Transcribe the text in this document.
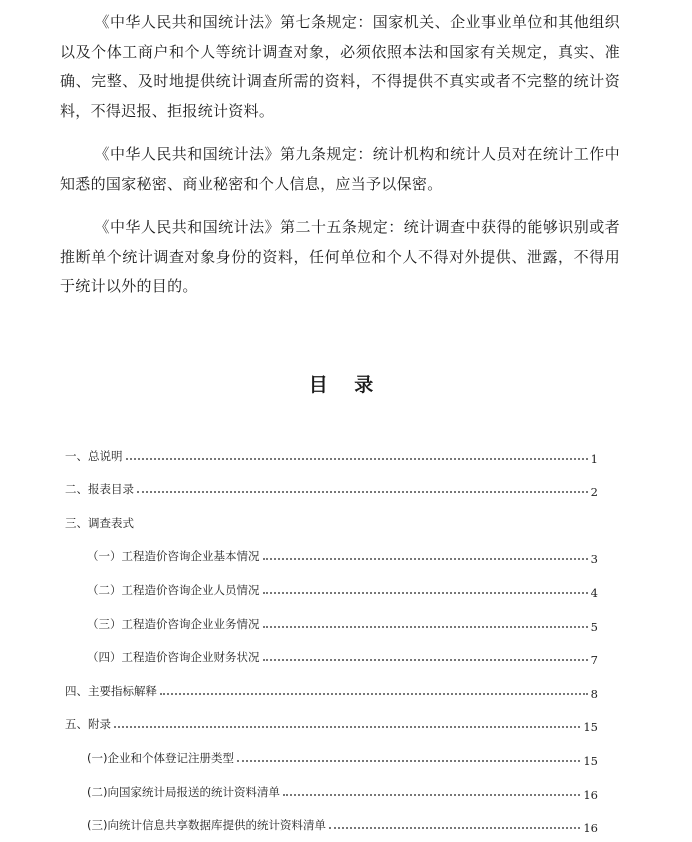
《中华人民共和国统计法》第七条规定：国家机关、企业事业单位和其他组织以及个体工商户和个人等统计调查对象，必须依照本法和国家有关规定，真实、准确、完整、及时地提供统计调查所需的资料，不得提供不真实或者不完整的统计资料，不得迟报、拒报统计资料。

《中华人民共和国统计法》第九条规定：统计机构和统计人员对在统计工作中知悉的国家秘密、商业秘密和个人信息，应当予以保密。

《中华人民共和国统计法》第二十五条规定：统计调查中获得的能够识别或者推断单个统计调查对象身份的资料，任何单位和个人不得对外提供、泄露，不得用于统计以外的目的。

目 录
一、总说明	1
二、报表目录	2
三、调查表式
（一）工程造价咨询企业基本情况	3
（二）工程造价咨询企业人员情况	4
（三）工程造价咨询企业业务情况	5
（四）工程造价咨询企业财务状况	7
四、主要指标解释	8
五、附录	15
(一)企业和个体登记注册类型	15
(二)向国家统计局报送的统计资料清单	16
(三)向统计信息共享数据库提供的统计资料清单	16
